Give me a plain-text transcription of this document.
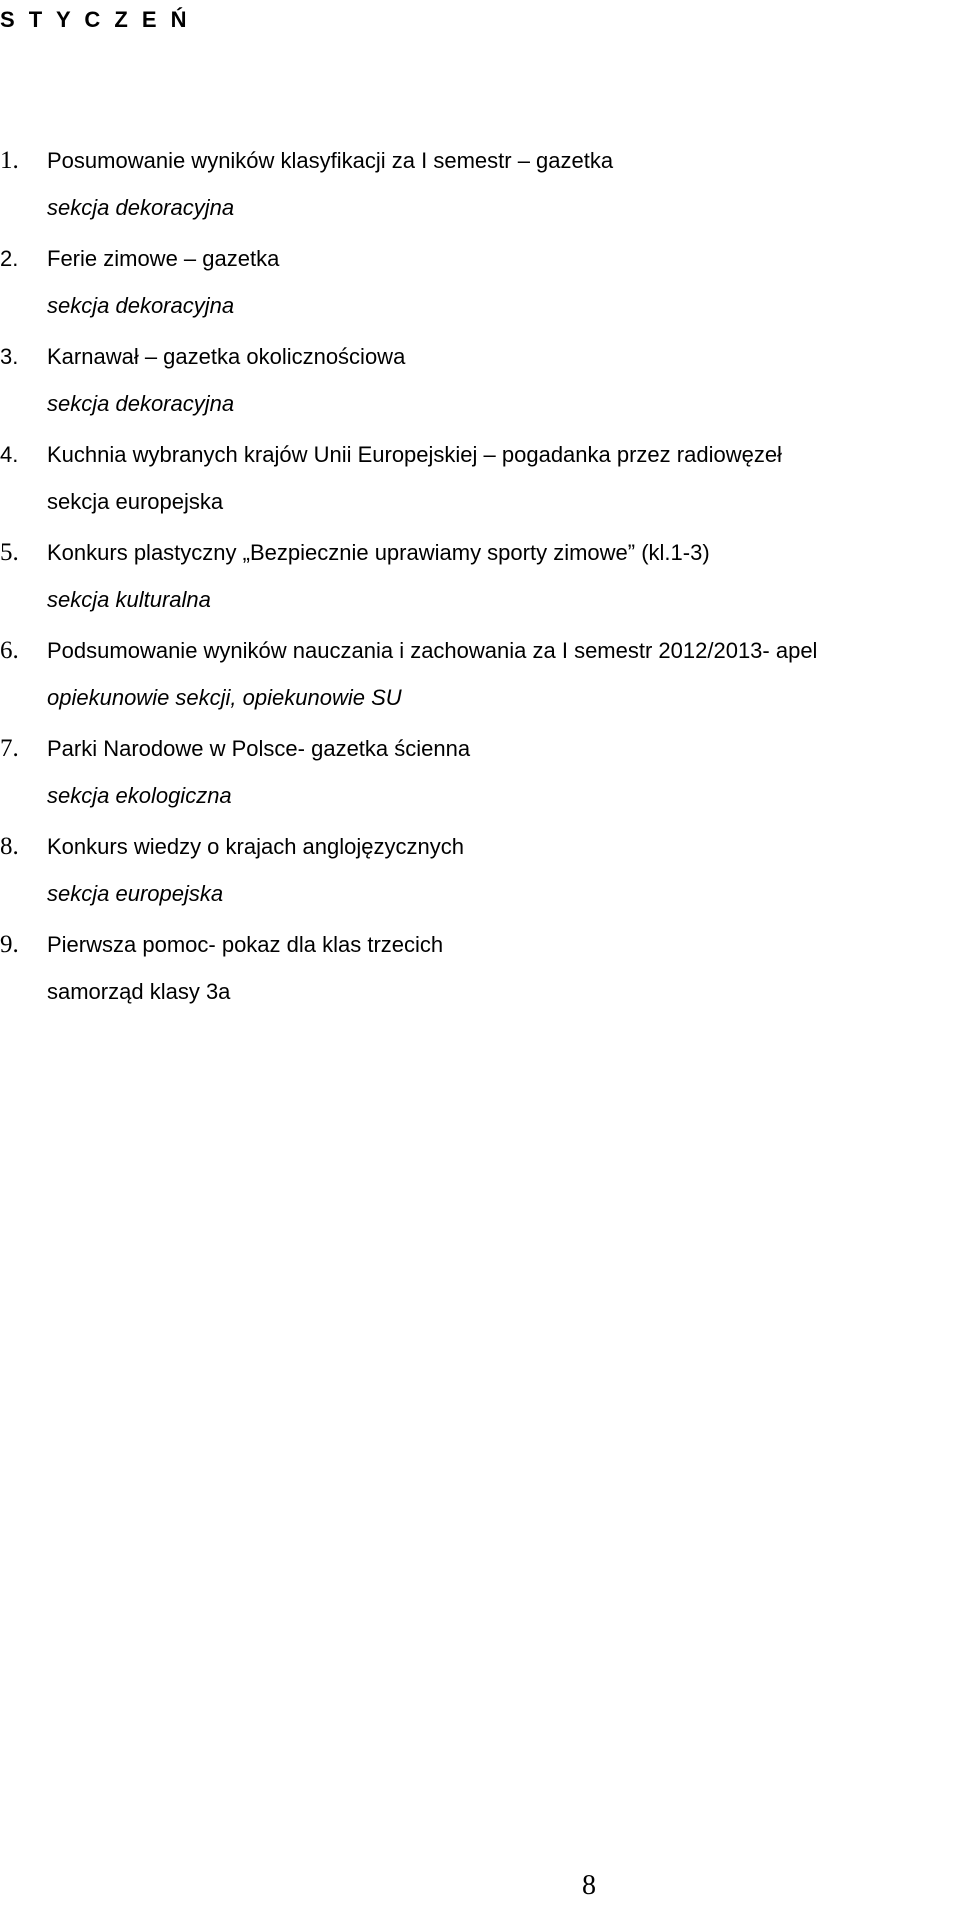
S T Y C Z E Ń
1.	Posumowanie wyników klasyfikacji za I semestr – gazetka
sekcja dekoracyjna
2.	Ferie zimowe – gazetka
sekcja dekoracyjna
3.	Karnawał – gazetka okolicznościowa
sekcja dekoracyjna
4.	Kuchnia wybranych krajów Unii Europejskiej – pogadanka przez radiowęzeł
sekcja europejska
5.	Konkurs plastyczny „Bezpiecznie uprawiamy sporty zimowe” (kl.1-3)
sekcja kulturalna
6.	Podsumowanie wyników nauczania i zachowania za I semestr 2012/2013- apel
opiekunowie sekcji, opiekunowie SU
7.	Parki Narodowe w Polsce- gazetka ścienna
sekcja ekologiczna
8.	Konkurs wiedzy o krajach anglojęzycznych
sekcja europejska
9.	Pierwsza pomoc- pokaz dla klas trzecich
samorząd klasy 3a
8
